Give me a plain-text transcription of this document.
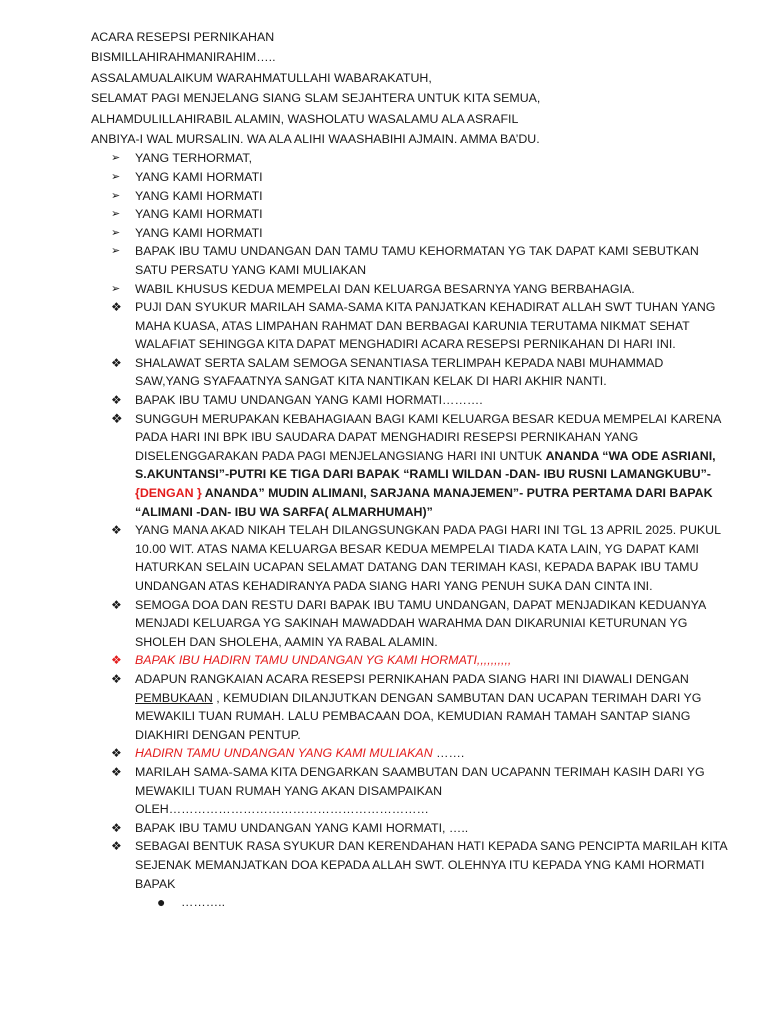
ACARA RESEPSI PERNIKAHAN
BISMILLAHIRAHMANIRAHIM…..
ASSALAMUALAIKUM WARAHMATULLAHI WABARAKATUH,
SELAMAT PAGI MENJELANG SIANG SLAM SEJAHTERA UNTUK KITA SEMUA,
ALHAMDULILLAHIRABIL ALAMIN, WASHOLATU WASALAMU ALA ASRAFIL
ANBIYA-I WAL MURSALIN. WA ALA ALIHI WAASHABIHI AJMAIN. AMMA BA’DU.
➢	YANG TERHORMAT,
➢	YANG KAMI HORMATI
➢	YANG KAMI HORMATI
➢	YANG KAMI HORMATI
➢	YANG KAMI HORMATI
➢	BAPAK IBU TAMU UNDANGAN DAN TAMU TAMU KEHORMATAN YG TAK DAPAT KAMI SEBUTKAN SATU PERSATU YANG KAMI MULIAKAN
➢	WABIL KHUSUS KEDUA MEMPELAI DAN KELUARGA BESARNYA YANG BERBAHAGIA.
❖	PUJI DAN SYUKUR MARILAH SAMA-SAMA KITA PANJATKAN KEHADIRAT ALLAH SWT TUHAN YANG MAHA KUASA, ATAS LIMPAHAN RAHMAT DAN BERBAGAI KARUNIA TERUTAMA NIKMAT SEHAT WALAFIAT SEHINGGA KITA DAPAT MENGHADIRI ACARA RESEPSI PERNIKAHAN DI HARI INI.
❖	SHALAWAT SERTA SALAM SEMOGA SENANTIASA TERLIMPAH KEPADA NABI MUHAMMAD SAW,YANG SYAFAATNYA SANGAT KITA NANTIKAN KELAK DI HARI AKHIR NANTI.
❖	BAPAK IBU TAMU UNDANGAN YANG KAMI HORMATI……….
❖ SUNGGUH MERUPAKAN KEBAHAGIAAN BAGI KAMI KELUARGA BESAR KEDUA MEMPELAI KARENA PADA HARI INI BPK IBU SAUDARA DAPAT MENGHADIRI RESEPSI PERNIKAHAN YANG DISELENGGARAKAN PADA PAGI MENJELANGSIANG HARI INI UNTUK ANANDA “WA ODE ASRIANI, S.AKUNTANSI”-PUTRI KE TIGA DARI BAPAK “RAMLI WILDAN -DAN- IBU RUSNI LAMANGKUBU”- {DENGAN } ANANDA” MUDIN ALIMANI, SARJANA MANAJEMEN”- PUTRA PERTAMA DARI BAPAK “ALIMANI -DAN- IBU WA SARFA( ALMARHUMAH)”
❖	YANG MANA AKAD NIKAH TELAH DILANGSUNGKAN PADA PAGI HARI INI TGL 13 APRIL 2025. PUKUL 10.00 WIT. ATAS NAMA KELUARGA BESAR KEDUA MEMPELAI TIADA KATA LAIN, YG DAPAT KAMI HATURKAN SELAIN UCAPAN SELAMAT DATANG DAN TERIMAH KASI, KEPADA BAPAK IBU TAMU UNDANGAN ATAS KEHADIRANYA PADA SIANG HARI YANG PENUH SUKA DAN CINTA INI.
❖	SEMOGA DOA DAN RESTU DARI BAPAK IBU TAMU UNDANGAN, DAPAT MENJADIKAN KEDUANYA MENJADI KELUARGA YG SAKINAH MAWADDAH WARAHMA DAN DIKARUNIAI KETURUNAN YG SHOLEH DAN SHOLEHA, AAMIN YA RABAL ALAMIN.
❖	BAPAK IBU HADIRN TAMU UNDANGAN YG KAMI HORMATI,,,,,,,,,,
❖	ADAPUN RANGKAIAN ACARA RESEPSI PERNIKAHAN PADA SIANG HARI INI DIAWALI DENGAN PEMBUKAAN , KEMUDIAN DILANJUTKAN DENGAN SAMBUTAN DAN UCAPAN TERIMAH DARI YG MEWAKILI TUAN RUMAH. LALU PEMBACAAN DOA, KEMUDIAN RAMAH TAMAH SANTAP SIANG DIAKHIRI DENGAN PENTUP.
❖	HADIRN TAMU UNDANGAN YANG KAMI MULIAKAN …….
❖	MARILAH SAMA-SAMA KITA DENGARKAN SAAMBUTAN DAN UCAPANN TERIMAH KASIH DARI YG MEWAKILI TUAN RUMAH YANG AKAN DISAMPAIKAN OLEH………………………………………………………
❖	BAPAK IBU TAMU UNDANGAN YANG KAMI HORMATI, …..
❖	SEBAGAI BENTUK RASA SYUKUR DAN KERENDAHAN HATI KEPADA SANG PENCIPTA MARILAH KITA SEJENAK MEMANJATKAN DOA KEPADA ALLAH SWT. OLEHNYA ITU KEPADA YNG KAMI HORMATI BAPAK
●	………..
